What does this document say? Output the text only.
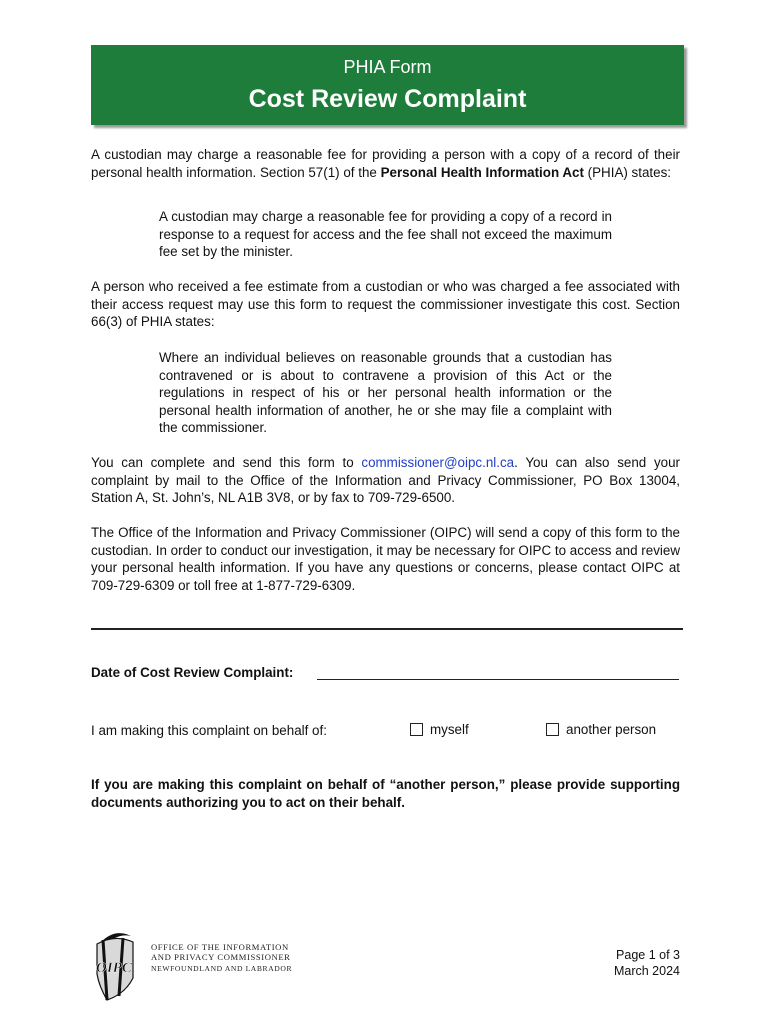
PHIA Form
Cost Review Complaint
A custodian may charge a reasonable fee for providing a person with a copy of a record of their personal health information. Section 57(1) of the Personal Health Information Act (PHIA) states:
A custodian may charge a reasonable fee for providing a copy of a record in response to a request for access and the fee shall not exceed the maximum fee set by the minister.
A person who received a fee estimate from a custodian or who was charged a fee associated with their access request may use this form to request the commissioner investigate this cost. Section 66(3) of PHIA states:
Where an individual believes on reasonable grounds that a custodian has contravened or is about to contravene a provision of this Act or the regulations in respect of his or her personal health information or the personal health information of another, he or she may file a complaint with the commissioner.
You can complete and send this form to commissioner@oipc.nl.ca. You can also send your complaint by mail to the Office of the Information and Privacy Commissioner, PO Box 13004, Station A, St. John’s, NL A1B 3V8, or by fax to 709-729-6500.
The Office of the Information and Privacy Commissioner (OIPC) will send a copy of this form to the custodian. In order to conduct our investigation, it may be necessary for OIPC to access and review your personal health information. If you have any questions or concerns, please contact OIPC at 709-729-6309 or toll free at 1-877-729-6309.
Date of Cost Review Complaint:
I am making this complaint on behalf of:	myself	another person
If you are making this complaint on behalf of “another person,” please provide supporting documents authorizing you to act on their behalf.
OIPC
OFFICE OF THE INFORMATION
AND PRIVACY COMMISSIONER
NEWFOUNDLAND AND LABRADOR
Page 1 of 3
March 2024
